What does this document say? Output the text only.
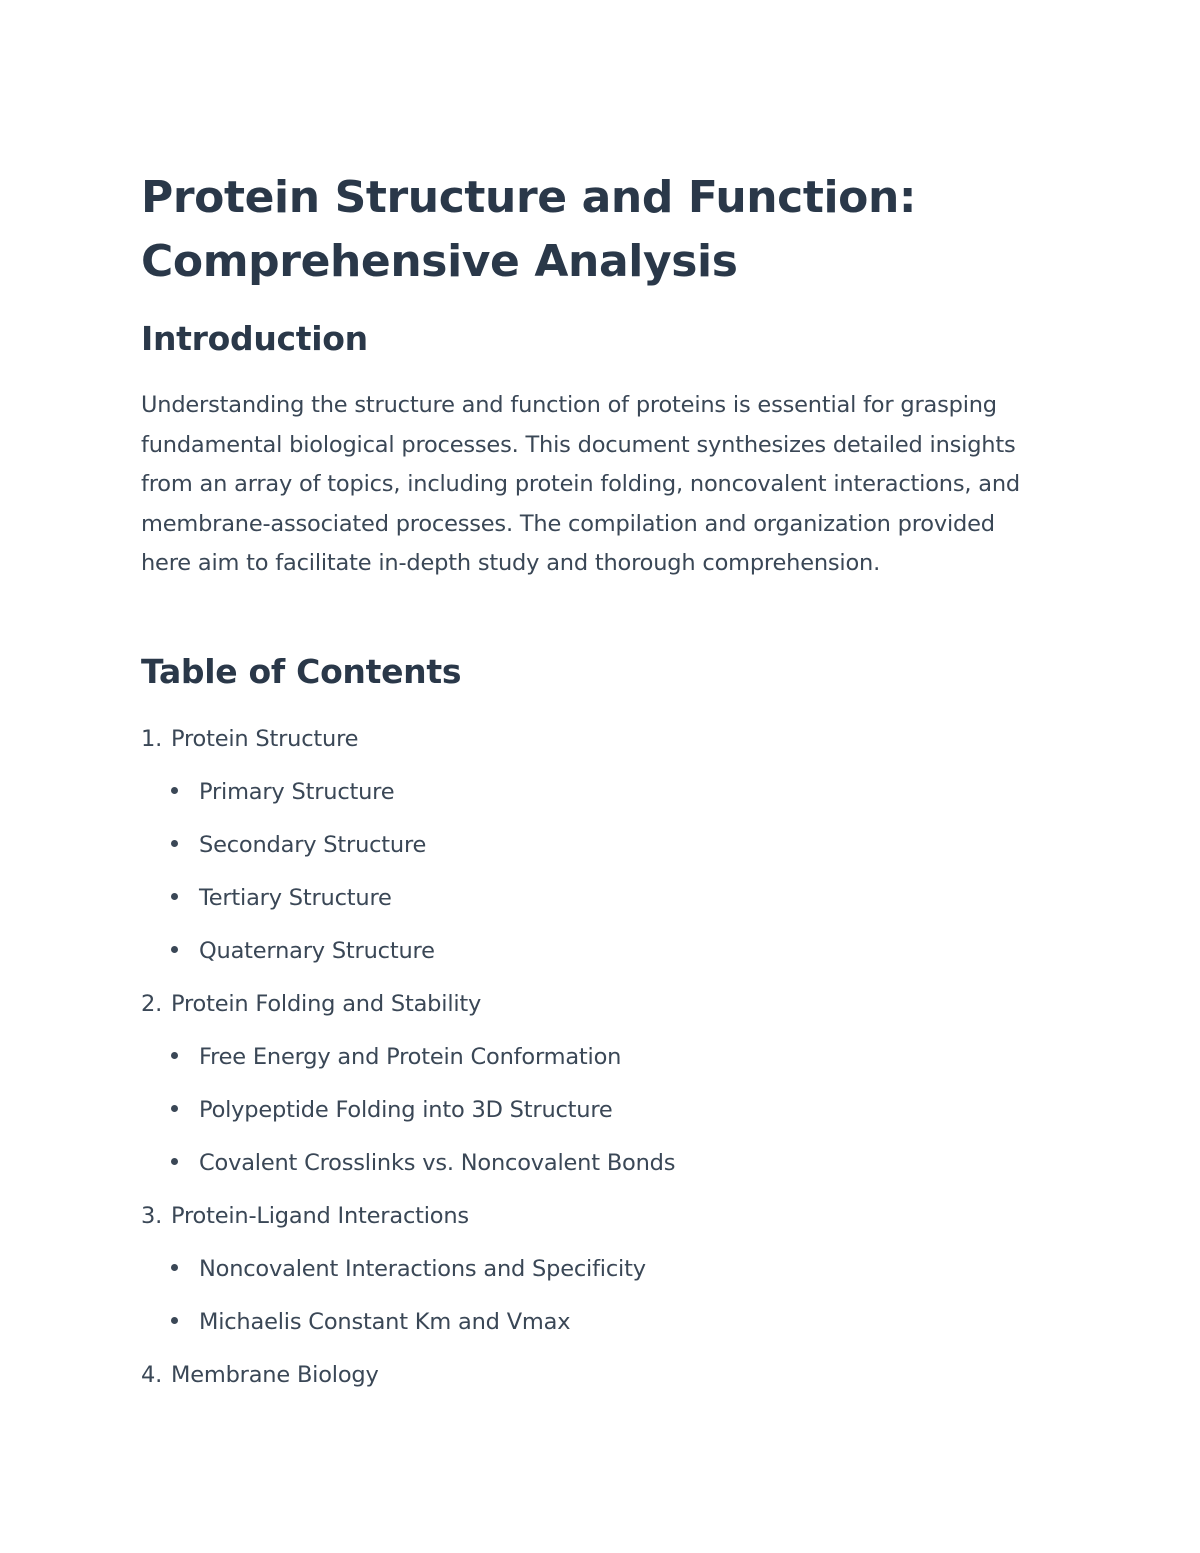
Protein Structure and Function: Comprehensive Analysis
Introduction

Understanding the structure and function of proteins is essential for grasping fundamental biological processes. This document synthesizes detailed insights from an array of topics, including protein folding, noncovalent interactions, and membrane-associated processes. The compilation and organization provided here aim to facilitate in-depth study and thorough comprehension.

Table of Contents
1. Protein Structure
Primary Structure
Secondary Structure
Tertiary Structure
Quaternary Structure
2. Protein Folding and Stability
Free Energy and Protein Conformation
Polypeptide Folding into 3D Structure
Covalent Crosslinks vs. Noncovalent Bonds
3. Protein-Ligand Interactions
Noncovalent Interactions and Specificity
Michaelis Constant Km and Vmax
4. Membrane Biology
